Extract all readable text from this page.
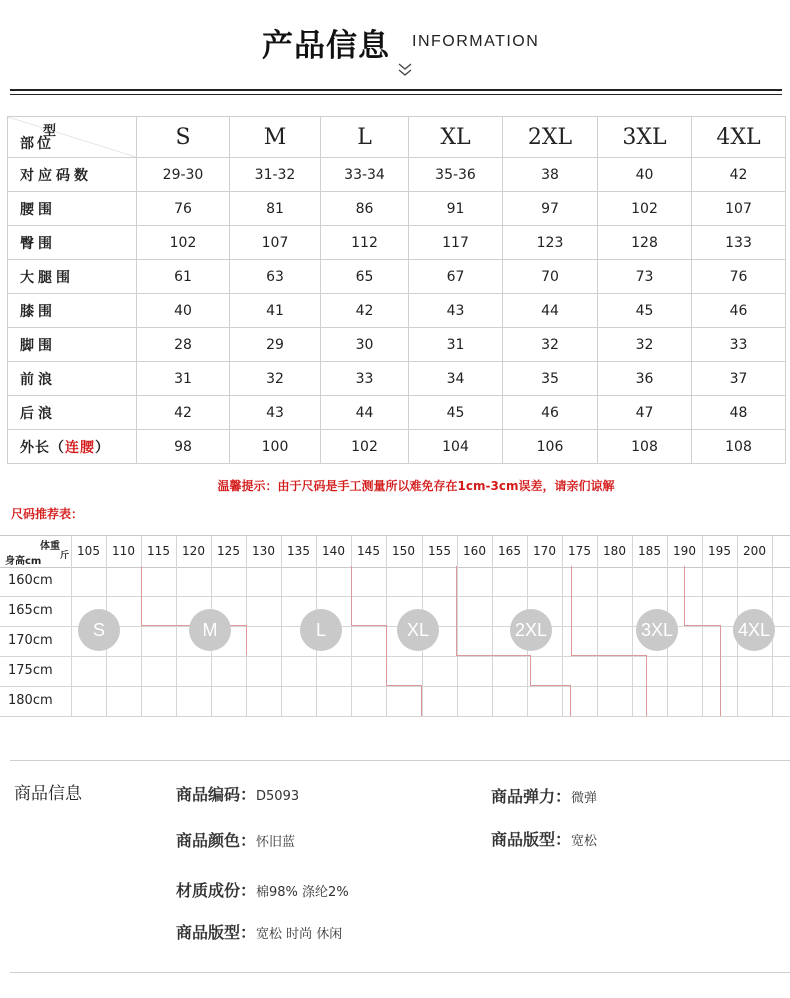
产品信息 INFORMATION
型
部位	S	M	L	XL	2XL	3XL	4XL
对应码数	29-30	31-32	33-34	35-36	38	40	42
腰围	76	81	86	91	97	102	107
臀围	102	107	112	117	123	128	133
大腿围	61	63	65	67	70	73	76
膝围	40	41	42	43	44	45	46
脚围	28	29	30	31	32	32	33
前浪	31	32	33	34	35	36	37
后浪	42	43	44	45	46	47	48
外长（连腰）	98	100	102	104	106	108	108
温馨提示：由于尺码是手工测量所以难免存在1cm-3cm误差，请亲们谅解
尺码推荐表：
体重
斤
身高cm
105	110	115	120	125	130	135	140	145	150	155	160	165	170	175	180	185	190	195	200
160cm
165cm
170cm
175cm
180cm
S	M	L	XL	2XL	3XL	4XL
商品信息	商品编码：D5093	商品弹力：微弹
商品颜色：怀旧蓝	商品版型：宽松
材质成份：棉98% 涤纶2%
商品版型：宽松 时尚 休闲
